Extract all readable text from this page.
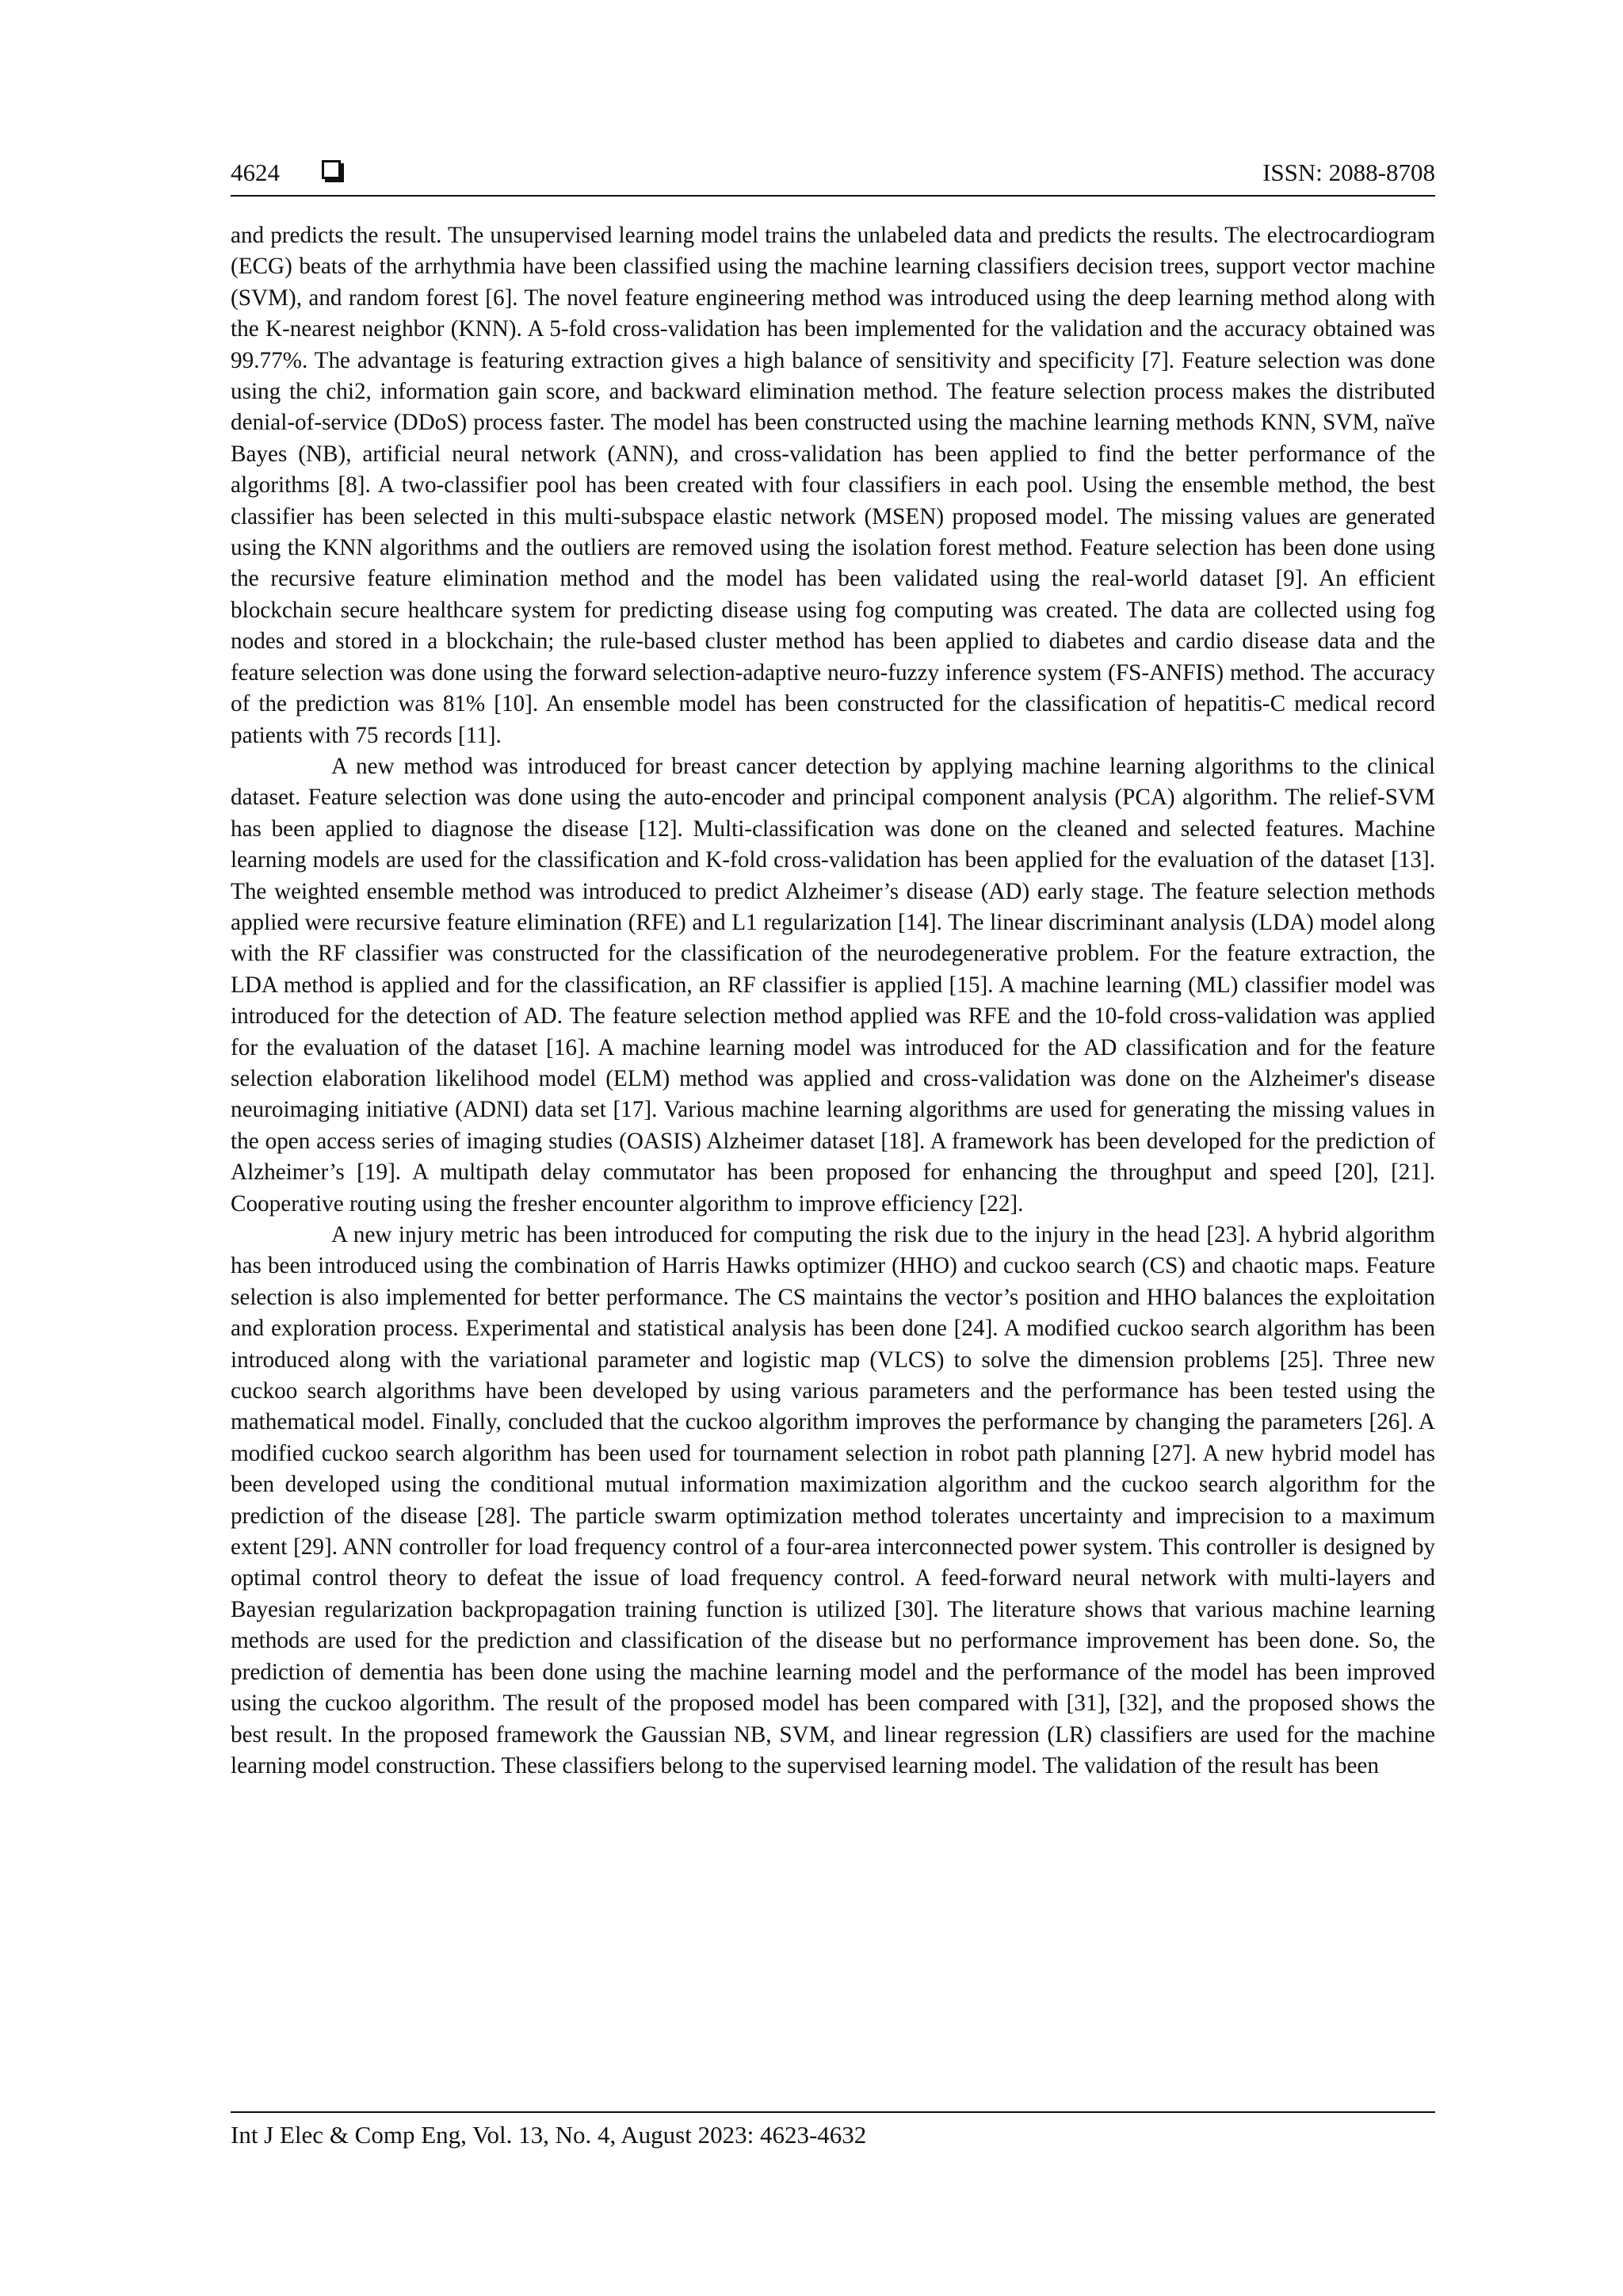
4624	ISSN: 2088-8708

and predicts the result. The unsupervised learning model trains the unlabeled data and predicts the results. The electrocardiogram (ECG) beats of the arrhythmia have been classified using the machine learning classifiers decision trees, support vector machine (SVM), and random forest [6]. The novel feature engineering method was introduced using the deep learning method along with the K-nearest neighbor (KNN). A 5-fold cross-validation has been implemented for the validation and the accuracy obtained was 99.77%. The advantage is featuring extraction gives a high balance of sensitivity and specificity [7]. Feature selection was done using the chi2, information gain score, and backward elimination method. The feature selection process makes the distributed denial-of-service (DDoS) process faster. The model has been constructed using the machine learning methods KNN, SVM, naïve Bayes (NB), artificial neural network (ANN), and cross-validation has been applied to find the better performance of the algorithms [8]. A two-classifier pool has been created with four classifiers in each pool. Using the ensemble method, the best classifier has been selected in this multi-subspace elastic network (MSEN) proposed model. The missing values are generated using the KNN algorithms and the outliers are removed using the isolation forest method. Feature selection has been done using the recursive feature elimination method and the model has been validated using the real-world dataset [9]. An efficient blockchain secure healthcare system for predicting disease using fog computing was created. The data are collected using fog nodes and stored in a blockchain; the rule-based cluster method has been applied to diabetes and cardio disease data and the feature selection was done using the forward selection-adaptive neuro-fuzzy inference system (FS-ANFIS) method. The accuracy of the prediction was 81% [10]. An ensemble model has been constructed for the classification of hepatitis-C medical record patients with 75 records [11].

A new method was introduced for breast cancer detection by applying machine learning algorithms to the clinical dataset. Feature selection was done using the auto-encoder and principal component analysis (PCA) algorithm. The relief-SVM has been applied to diagnose the disease [12]. Multi-classification was done on the cleaned and selected features. Machine learning models are used for the classification and K-fold cross-validation has been applied for the evaluation of the dataset [13]. The weighted ensemble method was introduced to predict Alzheimer’s disease (AD) early stage. The feature selection methods applied were recursive feature elimination (RFE) and L1 regularization [14]. The linear discriminant analysis (LDA) model along with the RF classifier was constructed for the classification of the neurodegenerative problem. For the feature extraction, the LDA method is applied and for the classification, an RF classifier is applied [15]. A machine learning (ML) classifier model was introduced for the detection of AD. The feature selection method applied was RFE and the 10-fold cross-validation was applied for the evaluation of the dataset [16]. A machine learning model was introduced for the AD classification and for the feature selection elaboration likelihood model (ELM) method was applied and cross-validation was done on the Alzheimer's disease neuroimaging initiative (ADNI) data set [17]. Various machine learning algorithms are used for generating the missing values in the open access series of imaging studies (OASIS) Alzheimer dataset [18]. A framework has been developed for the prediction of Alzheimer’s [19]. A multipath delay commutator has been proposed for enhancing the throughput and speed [20], [21]. Cooperative routing using the fresher encounter algorithm to improve efficiency [22].

A new injury metric has been introduced for computing the risk due to the injury in the head [23]. A hybrid algorithm has been introduced using the combination of Harris Hawks optimizer (HHO) and cuckoo search (CS) and chaotic maps. Feature selection is also implemented for better performance. The CS maintains the vector’s position and HHO balances the exploitation and exploration process. Experimental and statistical analysis has been done [24]. A modified cuckoo search algorithm has been introduced along with the variational parameter and logistic map (VLCS) to solve the dimension problems [25]. Three new cuckoo search algorithms have been developed by using various parameters and the performance has been tested using the mathematical model. Finally, concluded that the cuckoo algorithm improves the performance by changing the parameters [26]. A modified cuckoo search algorithm has been used for tournament selection in robot path planning [27]. A new hybrid model has been developed using the conditional mutual information maximization algorithm and the cuckoo search algorithm for the prediction of the disease [28]. The particle swarm optimization method tolerates uncertainty and imprecision to a maximum extent [29]. ANN controller for load frequency control of a four-area interconnected power system. This controller is designed by optimal control theory to defeat the issue of load frequency control. A feed-forward neural network with multi-layers and Bayesian regularization backpropagation training function is utilized [30]. The literature shows that various machine learning methods are used for the prediction and classification of the disease but no performance improvement has been done. So, the prediction of dementia has been done using the machine learning model and the performance of the model has been improved using the cuckoo algorithm. The result of the proposed model has been compared with [31], [32], and the proposed shows the best result. In the proposed framework the Gaussian NB, SVM, and linear regression (LR) classifiers are used for the machine learning model construction. These classifiers belong to the supervised learning model. The validation of the result has been

Int J Elec & Comp Eng, Vol. 13, No. 4, August 2023: 4623-4632
